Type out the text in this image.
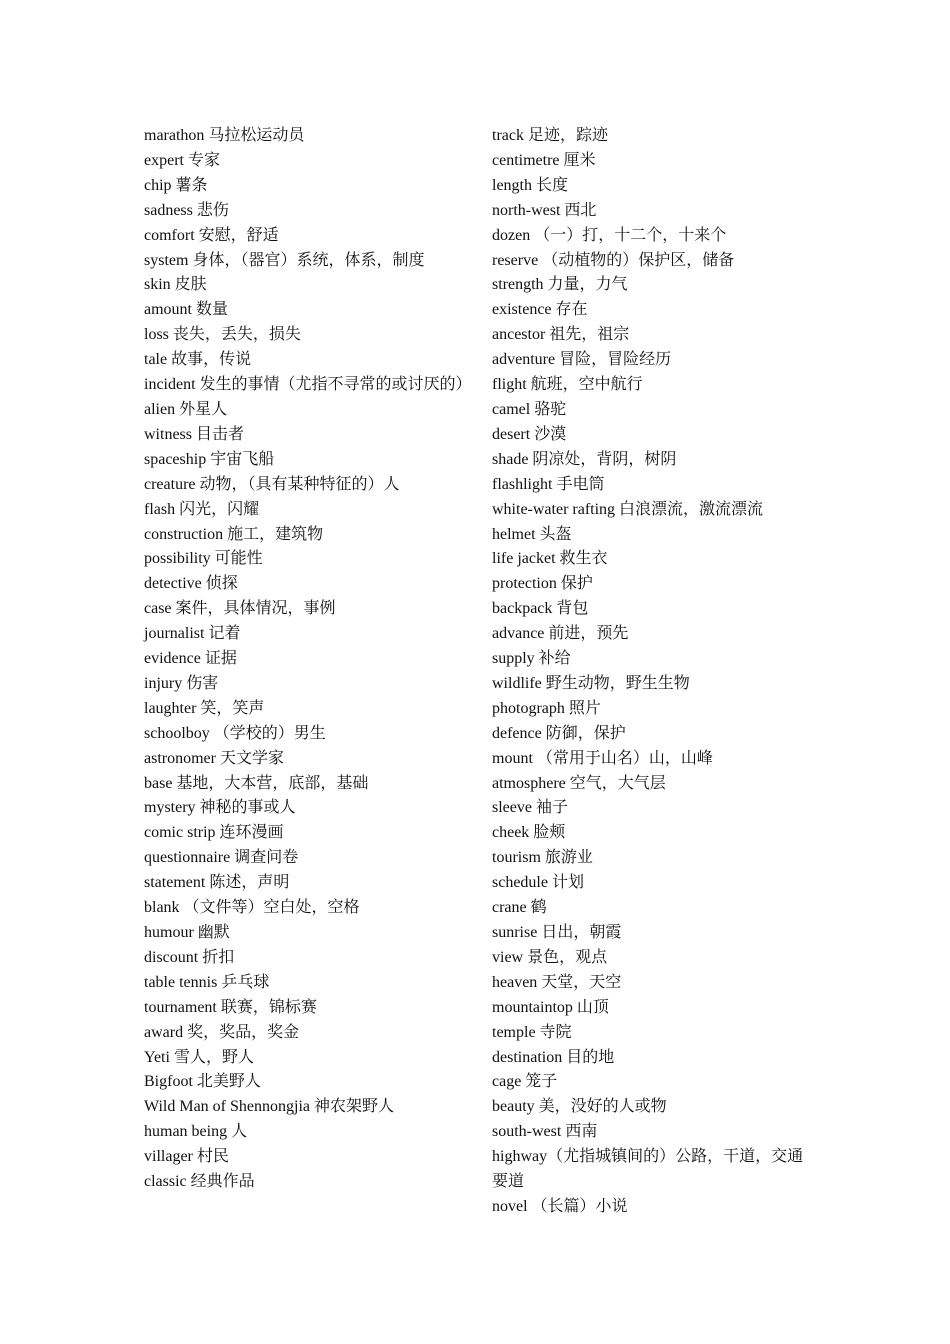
marathon 马拉松运动员
expert 专家
chip 薯条
sadness 悲伤
comfort 安慰，舒适
system 身体，（器官）系统，体系，制度
skin 皮肤
amount 数量
loss 丧失，丢失，损失
tale 故事，传说
incident 发生的事情（尤指不寻常的或讨厌的）
alien 外星人
witness 目击者
spaceship 宇宙飞船
creature 动物，（具有某种特征的）人
flash 闪光，闪耀
construction 施工，建筑物
possibility 可能性
detective 侦探
case 案件，具体情况，事例
journalist 记着
evidence 证据
injury 伤害
laughter 笑，笑声
schoolboy （学校的）男生
astronomer 天文学家
base 基地，大本营，底部，基础
mystery 神秘的事或人
comic strip 连环漫画
questionnaire 调查问卷
statement 陈述，声明
blank （文件等）空白处，空格
humour 幽默
discount 折扣
table tennis 乒乓球
tournament 联赛，锦标赛
award 奖，奖品，奖金
Yeti 雪人，野人
Bigfoot 北美野人
Wild Man of Shennongjia 神农架野人
human being 人
villager 村民
classic 经典作品
track 足迹，踪迹
centimetre 厘米
length 长度
north-west 西北
dozen （一）打，十二个，十来个
reserve （动植物的）保护区，储备
strength 力量，力气
existence 存在
ancestor 祖先，祖宗
adventure 冒险，冒险经历
flight 航班，空中航行
camel 骆驼
desert 沙漠
shade 阴凉处，背阴，树阴
flashlight 手电筒
white-water rafting 白浪漂流，激流漂流
helmet 头盔
life jacket 救生衣
protection 保护
backpack 背包
advance 前进，预先
supply 补给
wildlife 野生动物，野生生物
photograph 照片
defence 防御，保护
mount （常用于山名）山，山峰
atmosphere 空气，大气层
sleeve 袖子
cheek 脸颊
tourism 旅游业
schedule 计划
crane 鹤
sunrise 日出，朝霞
view 景色，观点
heaven 天堂，天空
mountaintop 山顶
temple 寺院
destination 目的地
cage 笼子
beauty 美，没好的人或物
south-west 西南
highway（尤指城镇间的）公路，干道，交通要道
novel （长篇）小说
